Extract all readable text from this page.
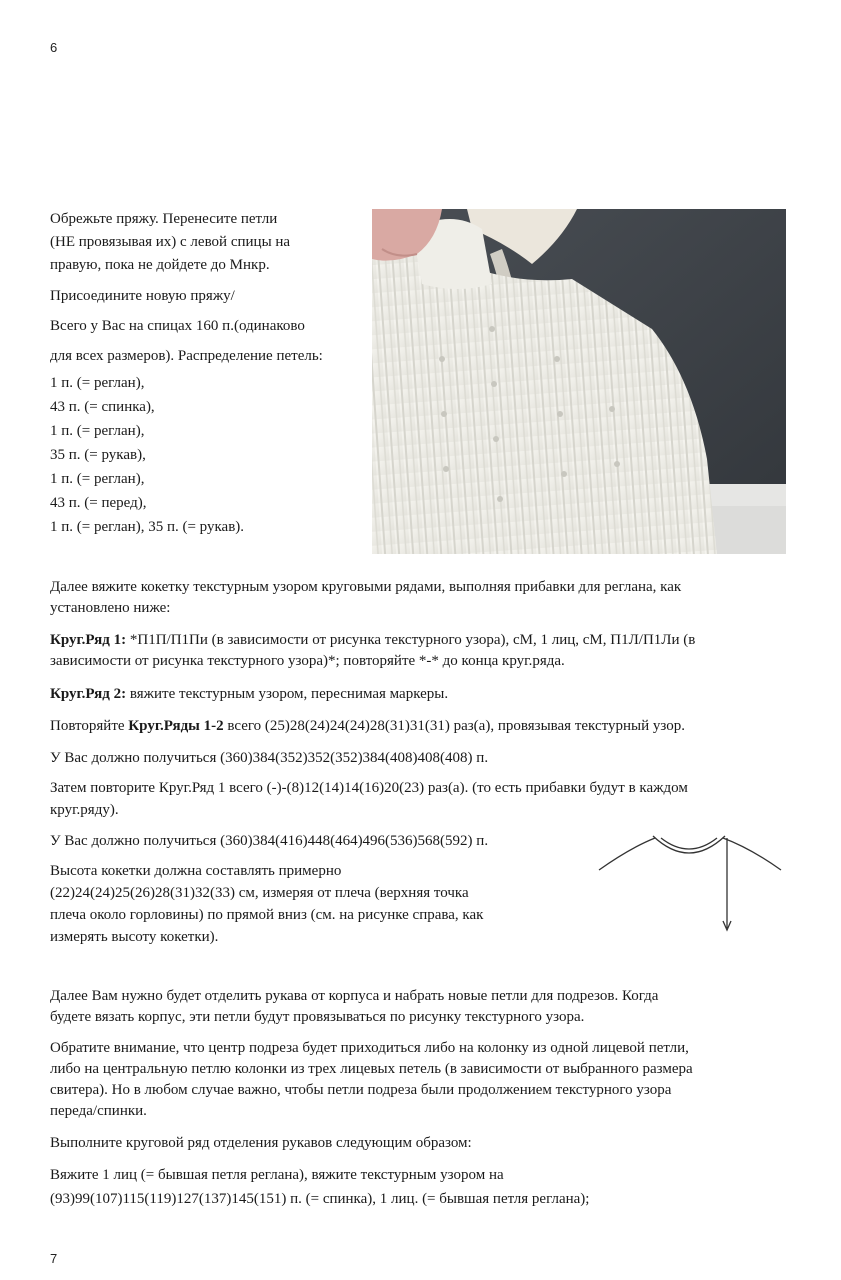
6

Обрежьте пряжу. Перенесите петли

(НЕ провязывая их) с левой спицы на

правую, пока не дойдете до Мнкр.

Присоедините новую пряжу/

Всего у Вас на спицах 160 п.(одинаково

для всех размеров). Распределение петель:

1 п. (= реглан),

43 п. (= спинка),

1 п. (= реглан),

35 п. (= рукав),

1 п. (= реглан),

43 п. (= перед),

1 п. (= реглан), 35 п. (= рукав).

Далее вяжите кокетку текстурным узором круговыми рядами, выполняя прибавки для реглана, как

установлено ниже:

Круг.Ряд 1: *П1П/П1Пи (в зависимости от рисунка текстурного узора), сМ, 1 лиц, сМ, П1Л/П1Ли (в

зависимости от рисунка текстурного узора)*; повторяйте *-* до конца круг.ряда.

Круг.Ряд 2: вяжите текстурным узором, переснимая маркеры.

Повторяйте Круг.Ряды 1-2 всего (25)28(24)24(24)28(31)31(31) раз(а), провязывая текстурный узор.

У Вас должно получиться (360)384(352)352(352)384(408)408(408) п.

Затем повторите Круг.Ряд 1 всего (-)-(8)12(14)14(16)20(23) раз(а). (то есть прибавки будут в каждом

круг.ряду).

У Вас должно получиться (360)384(416)448(464)496(536)568(592) п.

Высота кокетки должна составлять примерно

(22)24(24)25(26)28(31)32(33) см, измеряя от плеча (верхняя точка

плеча около горловины) по прямой вниз (см. на рисунке справа, как

измерять высоту кокетки).

Далее Вам нужно будет отделить рукава от корпуса и набрать новые петли для подрезов. Когда

будете вязать корпус, эти петли будут провязываться по рисунку текстурного узора.

Обратите внимание, что центр подреза будет приходиться либо на колонку из одной лицевой петли,

либо на центральную петлю колонки из трех лицевых петель (в зависимости от выбранного размера

свитера). Но в любом случае важно, чтобы петли подреза были продолжением текстурного узора

переда/спинки.

Выполните круговой ряд отделения рукавов следующим образом:

Вяжите 1 лиц (= бывшая петля реглана), вяжите текстурным узором на

(93)99(107)115(119)127(137)145(151) п. (= спинка), 1 лиц. (= бывшая петля реглана);

7
